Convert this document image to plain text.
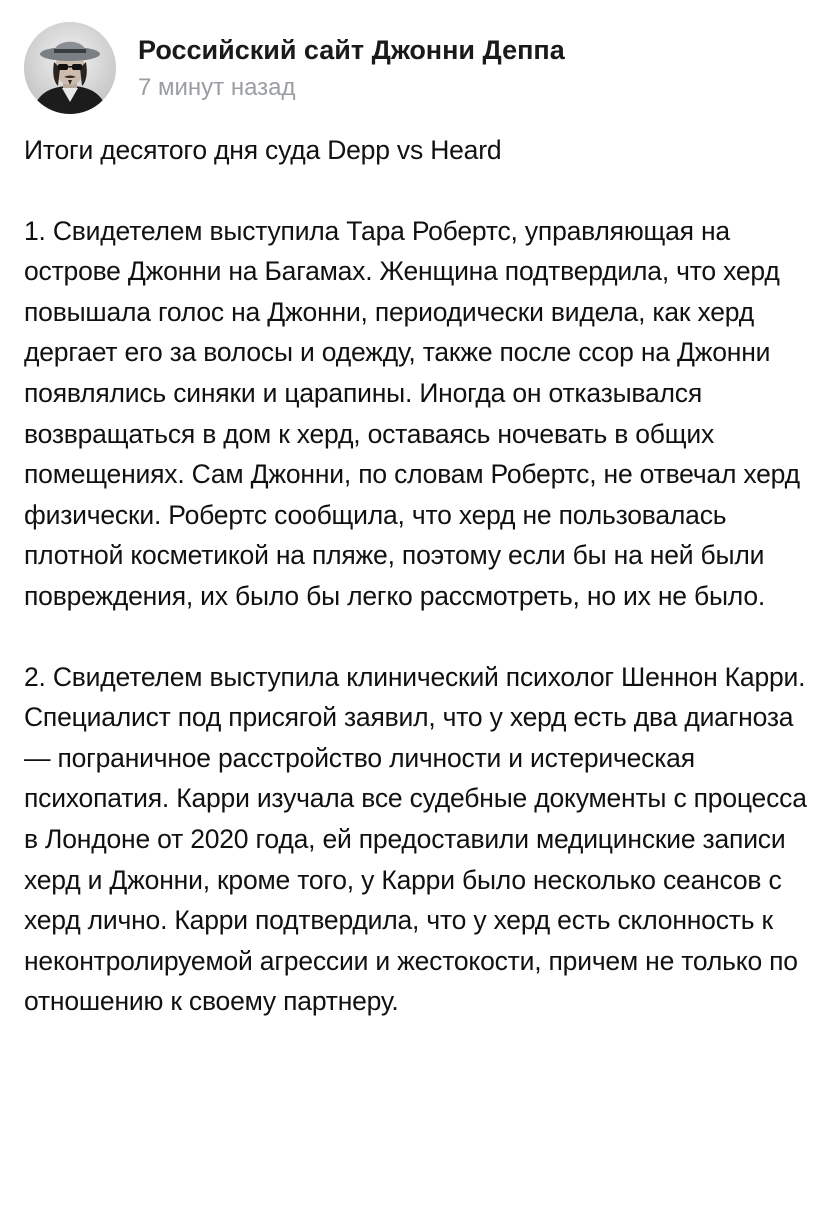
Российский сайт Джонни Деппа
7 минут назад

Итоги десятого дня суда Depp vs Heard

1. Свидетелем выступила Тара Робертс, управляющая на острове Джонни на Багамах. Женщина подтвердила, что херд повышала голос на Джонни, периодически видела, как херд дергает его за волосы и одежду, также после ссор на Джонни появлялись синяки и царапины. Иногда он отказывался возвращаться в дом к херд, оставаясь ночевать в общих помещениях. Сам Джонни, по словам Робертс, не отвечал херд физически. Робертс сообщила, что херд не пользовалась плотной косметикой на пляже, поэтому если бы на ней были повреждения, их было бы легко рассмотреть, но их не было.

2. Свидетелем выступила клинический психолог Шеннон Карри. Специалист под присягой заявил, что у херд есть два диагноза — пограничное расстройство личности и истерическая психопатия. Карри изучала все судебные документы с процесса в Лондоне от 2020 года, ей предоставили медицинские записи херд и Джонни, кроме того, у Карри было несколько сеансов с херд лично. Карри подтвердила, что у херд есть склонность к неконтролируемой агрессии и жестокости, причем не только по отношению к своему партнеру.
